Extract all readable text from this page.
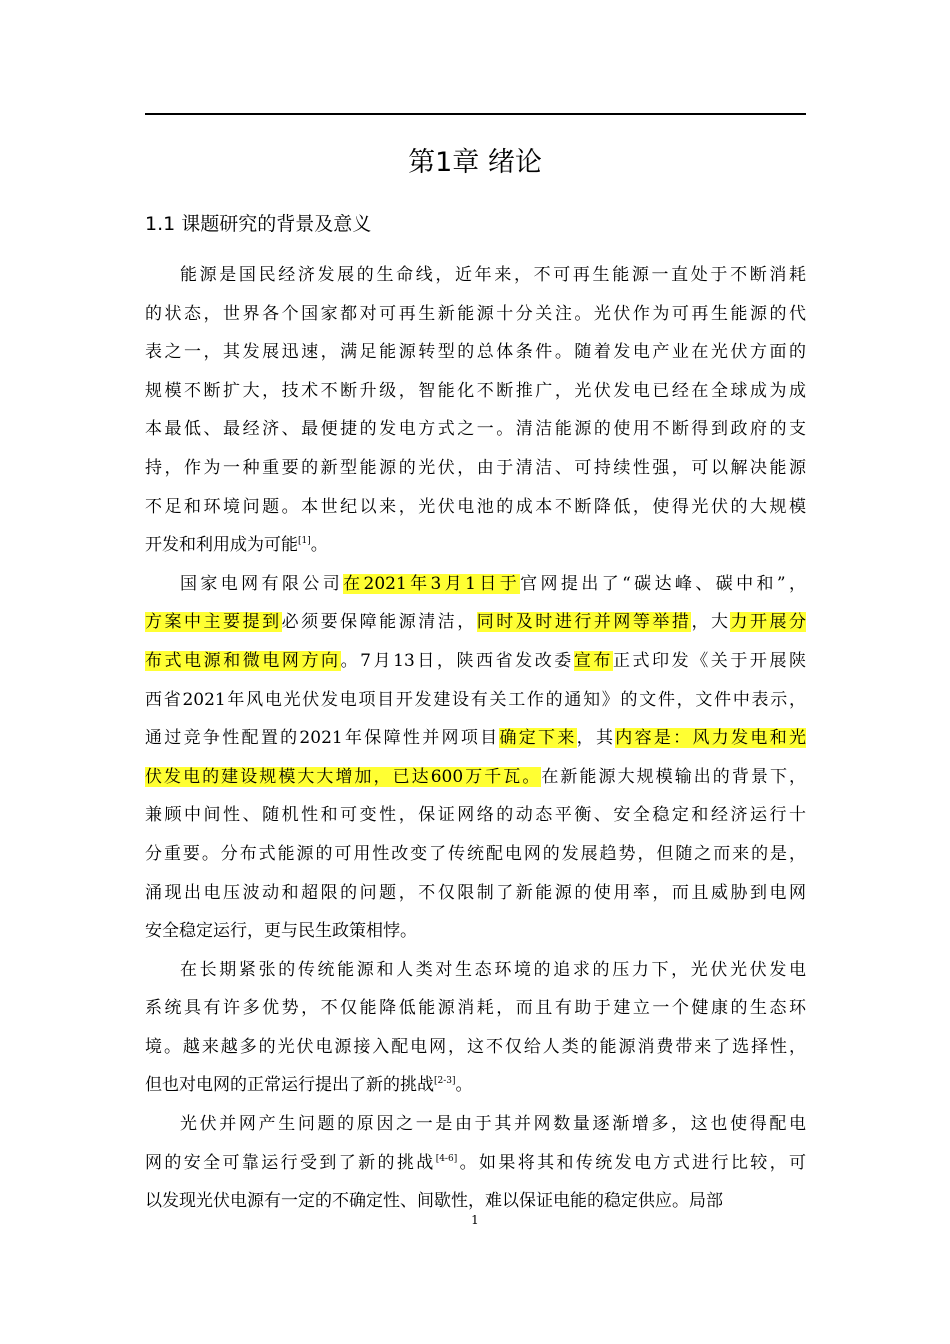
第1章 绪论
1.1 课题研究的背景及意义
能源是国民经济发展的生命线，近年来，不可再生能源一直处于不断消耗
的状态，世界各个国家都对可再生新能源十分关注。光伏作为可再生能源的代
表之一，其发展迅速，满足能源转型的总体条件。随着发电产业在光伏方面的
规模不断扩大，技术不断升级，智能化不断推广，光伏发电已经在全球成为成
本最低、最经济、最便捷的发电方式之一。清洁能源的使用不断得到政府的支
持，作为一种重要的新型能源的光伏，由于清洁、可持续性强，可以解决能源
不足和环境问题。本世纪以来，光伏电池的成本不断降低，使得光伏的大规模
开发和利用成为可能[1]。
国家电网有限公司在2021年3月1日于官网提出了“碳达峰、碳中和”，
方案中主要提到必须要保障能源清洁，同时及时进行并网等举措，大力开展分
布式电源和微电网方向。7月13日，陕西省发改委宣布正式印发《关于开展陕
西省2021年风电光伏发电项目开发建设有关工作的通知》的文件，文件中表示，
通过竞争性配置的2021年保障性并网项目确定下来，其内容是：风力发电和光
伏发电的建设规模大大增加，已达600万千瓦。在新能源大规模输出的背景下，
兼顾中间性、随机性和可变性，保证网络的动态平衡、安全稳定和经济运行十
分重要。分布式能源的可用性改变了传统配电网的发展趋势，但随之而来的是，
涌现出电压波动和超限的问题，不仅限制了新能源的使用率，而且威胁到电网
安全稳定运行，更与民生政策相悖。
在长期紧张的传统能源和人类对生态环境的追求的压力下，光伏光伏发电
系统具有许多优势，不仅能降低能源消耗，而且有助于建立一个健康的生态环
境。越来越多的光伏电源接入配电网，这不仅给人类的能源消费带来了选择性，
但也对电网的正常运行提出了新的挑战[2-3]。
光伏并网产生问题的原因之一是由于其并网数量逐渐增多，这也使得配电
网的安全可靠运行受到了新的挑战[4-6]。如果将其和传统发电方式进行比较，可
以发现光伏电源有一定的不确定性、间歇性，难以保证电能的稳定供应。局部
1
